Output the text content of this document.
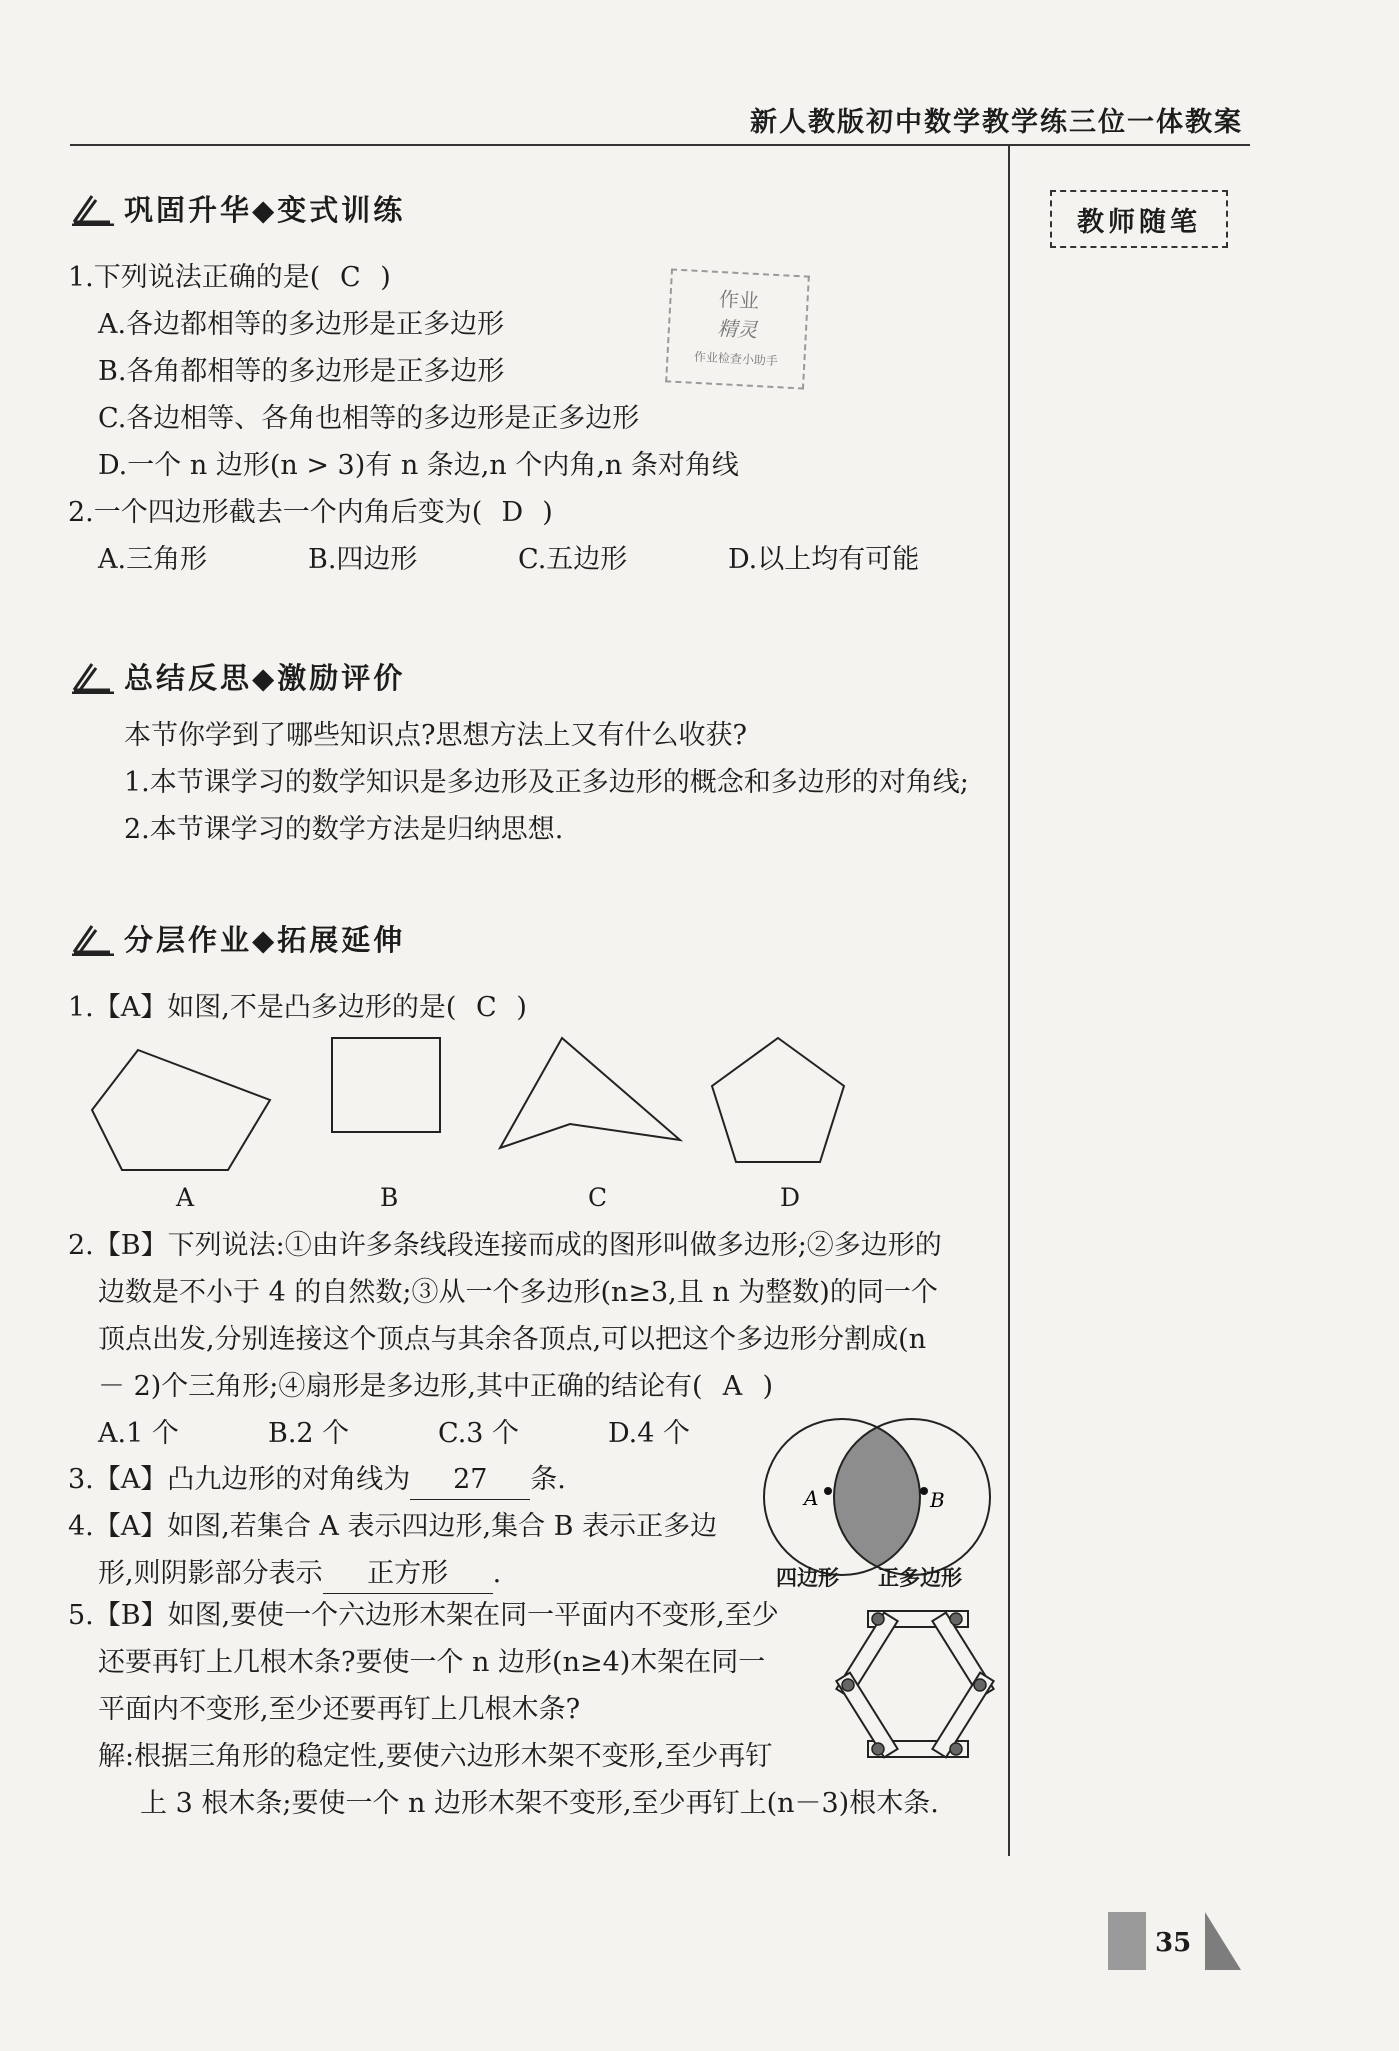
新人教版初中数学教学练三位一体教案
教师随笔
作业
精灵
作业检查小助手
巩固升华◆变式训练
1.下列说法正确的是( C )
A.各边都相等的多边形是正多边形
B.各角都相等的多边形是正多边形
C.各边相等、各角也相等的多边形是正多边形
D.一个 n 边形(n > 3)有 n 条边,n 个内角,n 条对角线
2.一个四边形截去一个内角后变为( D )
A.三角形	B.四边形	C.五边形	D.以上均有可能
总结反思◆激励评价
本节你学到了哪些知识点?思想方法上又有什么收获?
1.本节课学习的数学知识是多边形及正多边形的概念和多边形的对角线;
2.本节课学习的数学方法是归纳思想.
分层作业◆拓展延伸
1.【A】如图,不是凸多边形的是( C )
A	B	C	D
2.【B】下列说法:①由许多条线段连接而成的图形叫做多边形;②多边形的
边数是不小于 4 的自然数;③从一个多边形(n≥3,且 n 为整数)的同一个
顶点出发,分别连接这个顶点与其余各顶点,可以把这个多边形分割成(n
－ 2)个三角形;④扇形是多边形,其中正确的结论有( A )
A.1 个	B.2 个	C.3 个	D.4 个
3.【A】凸九边形的对角线为 27 条.
4.【A】如图,若集合 A 表示四边形,集合 B 表示正多边
形,则阴影部分表示 正方形 .
A	B
四边形 正多边形
5.【B】如图,要使一个六边形木架在同一平面内不变形,至少
还要再钉上几根木条?要使一个 n 边形(n≥4)木架在同一
平面内不变形,至少还要再钉上几根木条?
解:根据三角形的稳定性,要使六边形木架不变形,至少再钉
上 3 根木条;要使一个 n 边形木架不变形,至少再钉上(n－3)根木条.
35
